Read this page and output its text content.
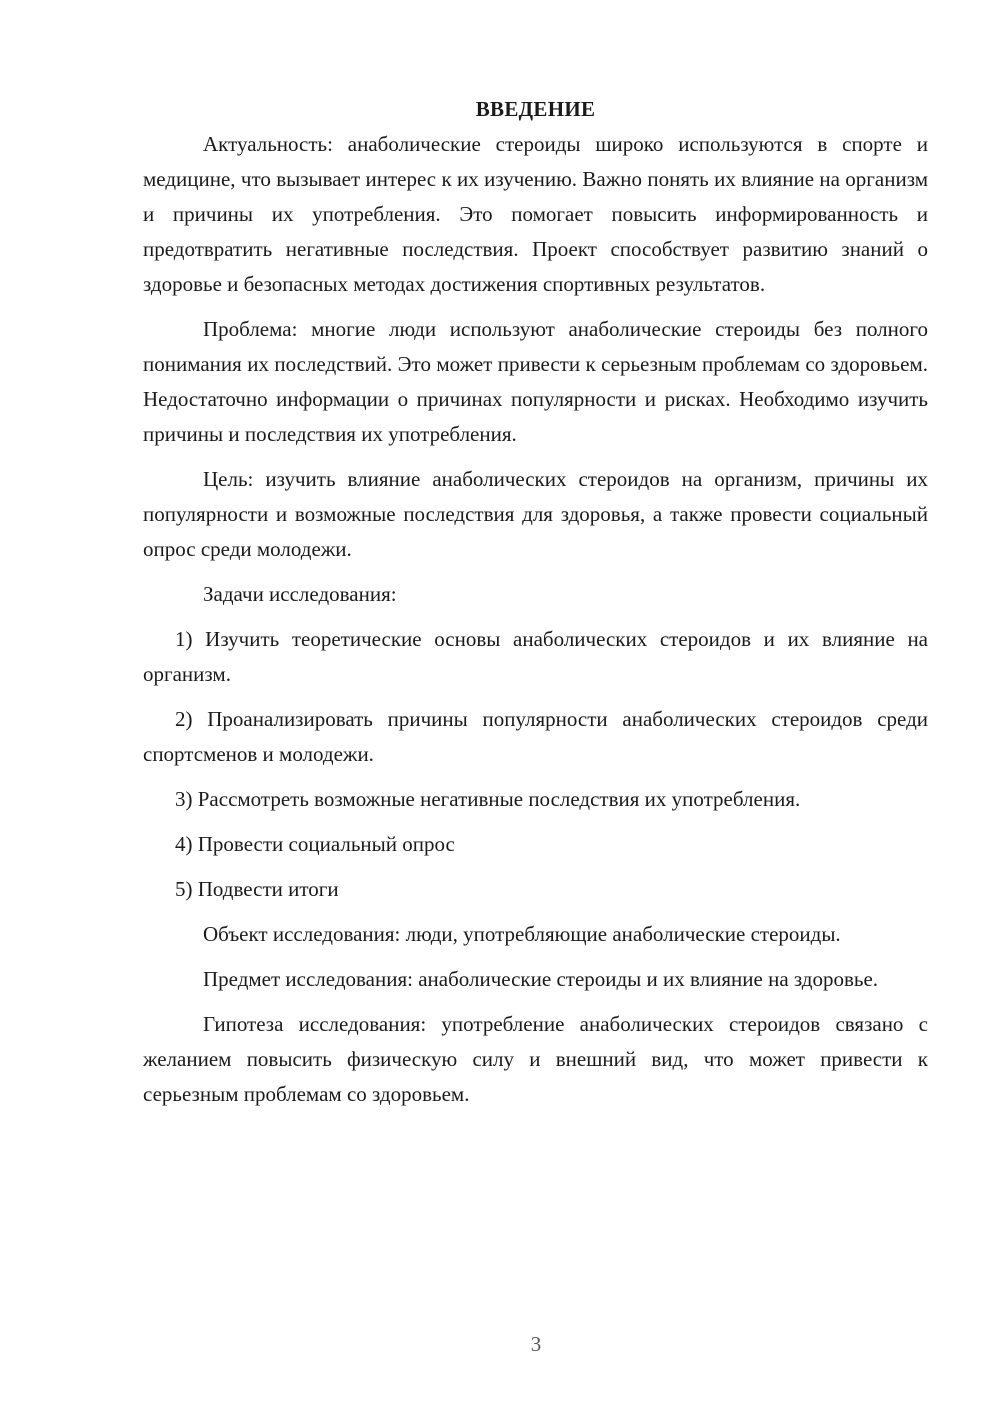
ВВЕДЕНИЕ

Актуальность: анаболические стероиды широко используются в спорте и медицине, что вызывает интерес к их изучению. Важно понять их влияние на организм и причины их употребления. Это помогает повысить информированность и предотвратить негативные последствия. Проект способствует развитию знаний о здоровье и безопасных методах достижения спортивных результатов.

Проблема: многие люди используют анаболические стероиды без полного понимания их последствий. Это может привести к серьезным проблемам со здоровьем. Недостаточно информации о причинах популярности и рисках. Необходимо изучить причины и последствия их употребления.

Цель: изучить влияние анаболических стероидов на организм, причины их популярности и возможные последствия для здоровья, а также провести социальный опрос среди молодежи.

Задачи исследования:

1) Изучить теоретические основы анаболических стероидов и их влияние на организм.

2) Проанализировать причины популярности анаболических стероидов среди спортсменов и молодежи.

3) Рассмотреть возможные негативные последствия их употребления.

4) Провести социальный опрос

5) Подвести итоги

Объект исследования: люди, употребляющие анаболические стероиды.

Предмет исследования: анаболические стероиды и их влияние на здоровье.

Гипотеза исследования: употребление анаболических стероидов связано с желанием повысить физическую силу и внешний вид, что может привести к серьезным проблемам со здоровьем.

3
